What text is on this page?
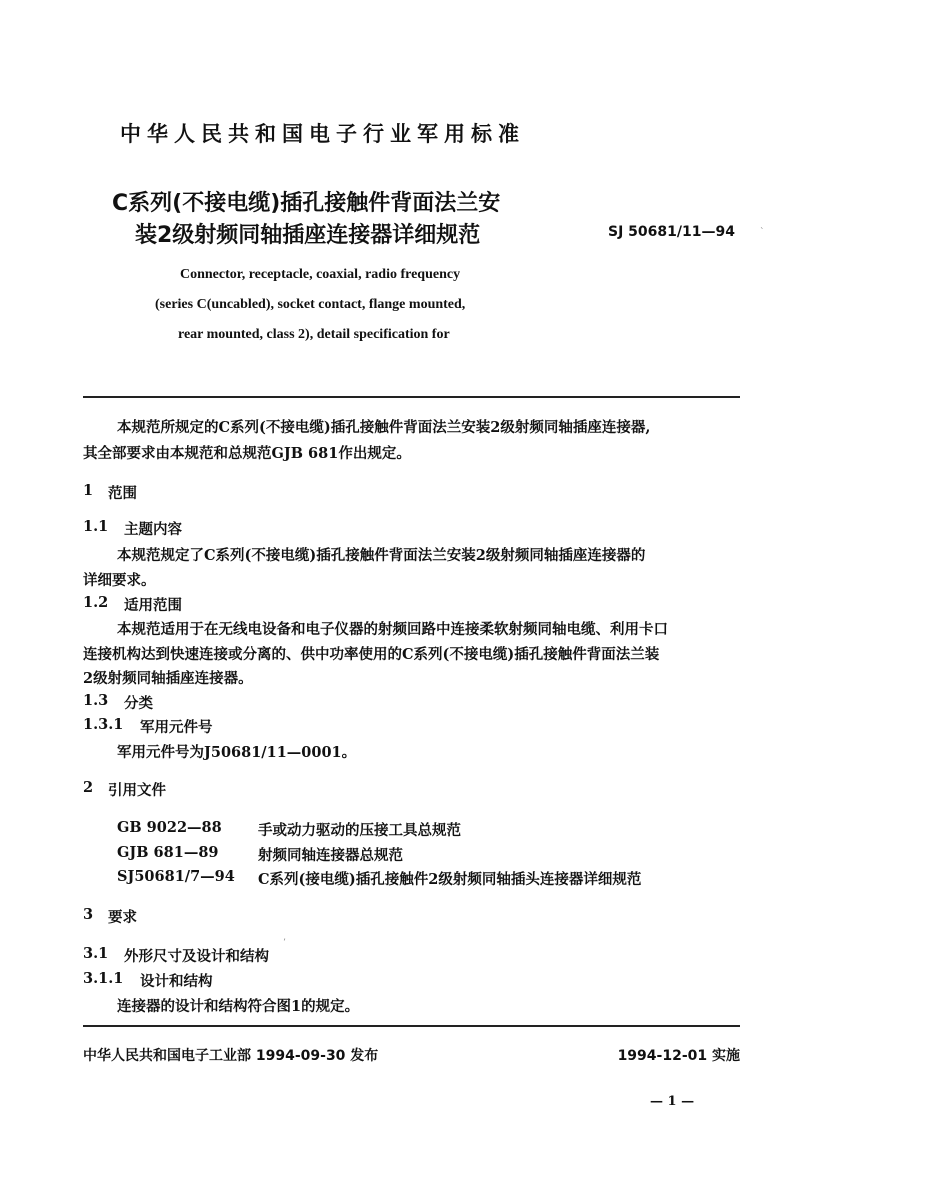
中华人民共和国电子行业军用标准
C系列(不接电缆)插孔接触件背面法兰安
装2级射频同轴插座连接器详细规范	SJ 50681/11—94	ˋ
Connector, receptacle, coaxial, radio frequency
(series C(uncabled), socket contact, flange mounted,
rear mounted, class 2), detail specification for
本规范所规定的C系列(不接电缆)插孔接触件背面法兰安装2级射频同轴插座连接器,
其全部要求由本规范和总规范GJB 681作出规定。
1 范围
1.1 主题内容
本规范规定了C系列(不接电缆)插孔接触件背面法兰安装2级射频同轴插座连接器的
详细要求。
1.2 适用范围
本规范适用于在无线电设备和电子仪器的射频回路中连接柔软射频同轴电缆、利用卡口
连接机构达到快速连接或分离的、供中功率使用的C系列(不接电缆)插孔接触件背面法兰装
2级射频同轴插座连接器。
1.3 分类
1.3.1 军用元件号
军用元件号为J50681/11—0001。
2 引用文件
GB 9022—88	手或动力驱动的压接工具总规范
GJB 681—89	射频同轴连接器总规范
SJ50681/7—94 C系列(接电缆)插孔接触件2级射频同轴插头连接器详细规范
3 要求
ʼ
3.1 外形尺寸及设计和结构
3.1.1 设计和结构
连接器的设计和结构符合图1的规定。
中华人民共和国电子工业部 1994-09-30 发布	1994-12-01 实施
— 1 —
